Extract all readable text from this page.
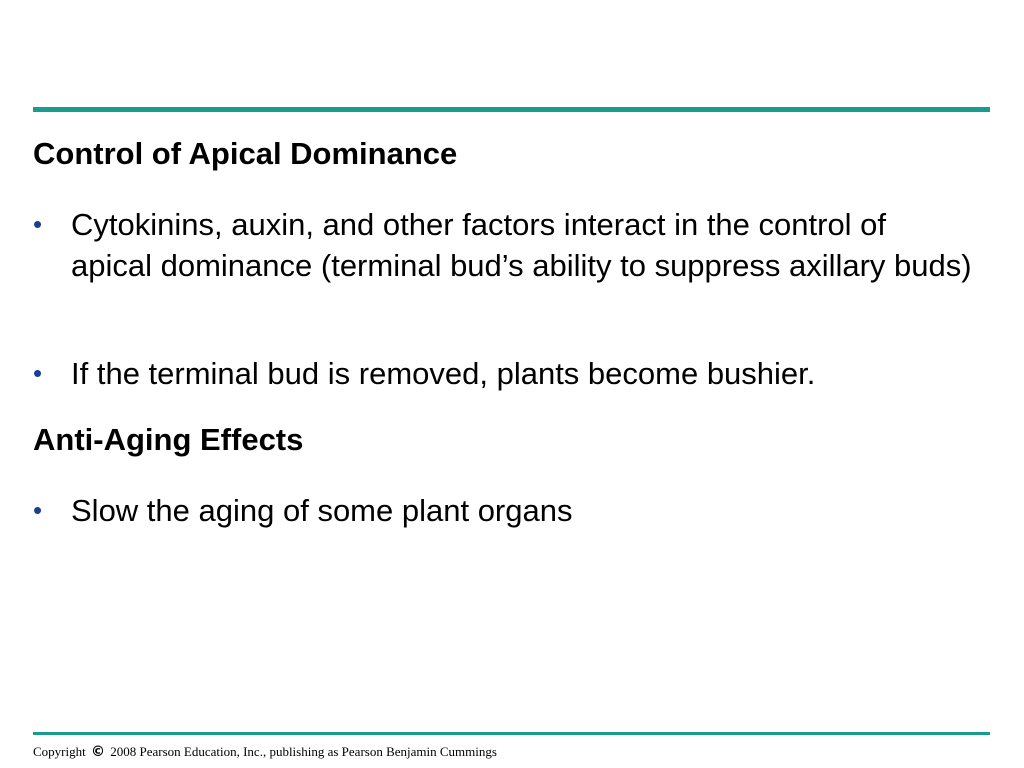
Control of Apical Dominance
• Cytokinins, auxin, and other factors interact in the control of apical dominance (terminal bud’s ability to suppress axillary buds)
• If the terminal bud is removed, plants become bushier.
Anti-Aging Effects
• Slow the aging of some plant organs
Copyright © 2008 Pearson Education, Inc., publishing as Pearson Benjamin Cummings
